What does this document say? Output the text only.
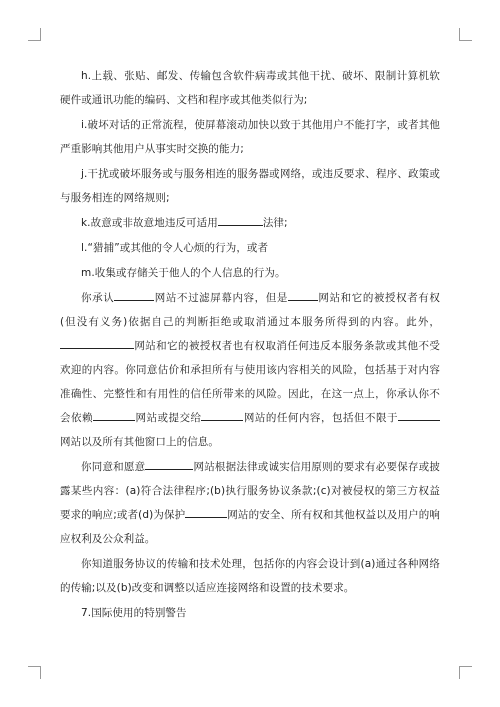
h.上载、张贴、邮发、传输包含软件病毒或其他干扰、破坏、限制计算机软硬件或通讯功能的编码、文档和程序或其他类似行为;

i.破坏对话的正常流程，使屏幕滚动加快以致于其他用户不能打字，或者其他严重影响其他用户从事实时交换的能力;

j.干扰或破坏服务或与服务相连的服务器或网络，或违反要求、程序、政策或与服务相连的网络规则;

k.故意或非故意地违反可适用	法律;

l.“猎捕”或其他的令人心烦的行为，或者

m.收集或存储关于他人的个人信息的行为。

你承认	网站不过滤屏幕内容，但是	网站和它的被授权者有权(但没有义务)依据自己的判断拒绝或取消通过本服务所得到的内容。此外，网站和它的被授权者也有权取消任何违反本服务条款或其他不受欢迎的内容。你同意估价和承担所有与使用该内容相关的风险，包括基于对内容准确性、完整性和有用性的信任所带来的风险。因此，在这一点上，你承认你不会依赖	网站或提交给	网站的任何内容，包括但不限于网站以及所有其他窗口上的信息。

你同意和愿意	网站根据法律或诚实信用原则的要求有必要保存或披露某些内容：(a)符合法律程序;(b)执行服务协议条款;(c)对被侵权的第三方权益要求的响应;或者(d)为保护	网站的安全、所有权和其他权益以及用户的响应权利及公众利益。

你知道服务协议的传输和技术处理，包括你的内容会设计到(a)通过各种网络的传输;以及(b)改变和调整以适应连接网络和设置的技术要求。

7.国际使用的特别警告
